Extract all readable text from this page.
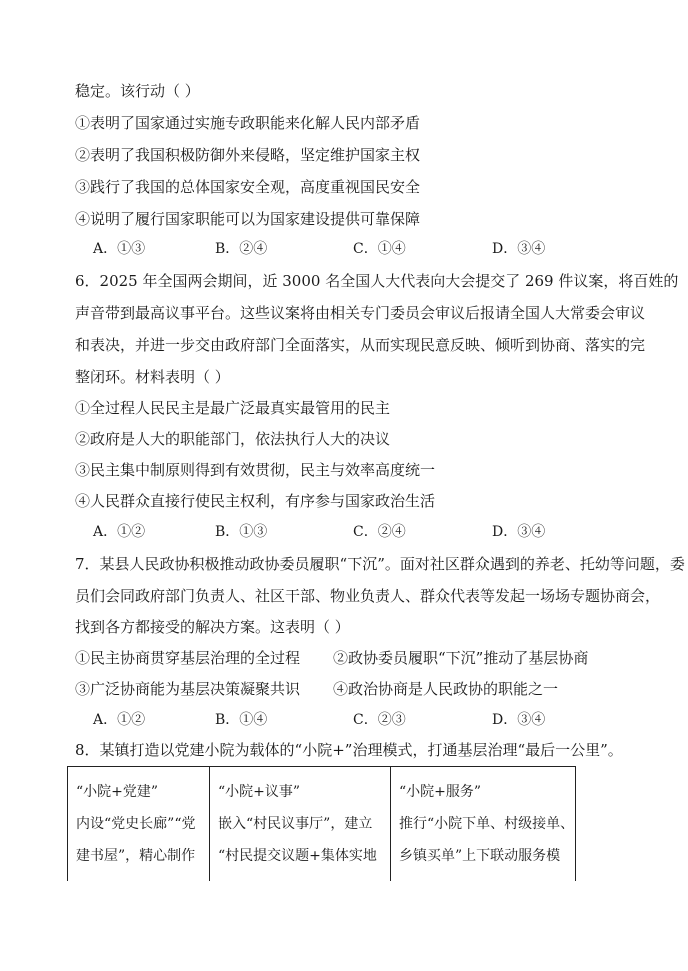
稳定。该行动（ ）
①表明了国家通过实施专政职能来化解人民内部矛盾
②表明了我国积极防御外来侵略，坚定维护国家主权
③践行了我国的总体国家安全观，高度重视国民安全
④说明了履行国家职能可以为国家建设提供可靠保障
A．①③	B．②④	C．①④	D．③④
6．2025 年全国两会期间，近 3000 名全国人大代表向大会提交了 269 件议案，将百姓的
声音带到最高议事平台。这些议案将由相关专门委员会审议后报请全国人大常委会审议
和表决，并进一步交由政府部门全面落实，从而实现民意反映、倾听到协商、落实的完
整闭环。材料表明（ ）
①全过程人民民主是最广泛最真实最管用的民主
②政府是人大的职能部门，依法执行人大的决议
③民主集中制原则得到有效贯彻，民主与效率高度统一
④人民群众直接行使民主权利，有序参与国家政治生活
A．①②	B．①③	C．②④	D．③④
7．某县人民政协积极推动政协委员履职“下沉”。面对社区群众遇到的养老、托幼等问题，委
员们会同政府部门负责人、社区干部、物业负责人、群众代表等发起一场场专题协商会，
找到各方都接受的解决方案。这表明（ ）
①民主协商贯穿基层治理的全过程 ②政协委员履职“下沉”推动了基层协商
③广泛协商能为基层决策凝聚共识 ④政治协商是人民政协的职能之一
A．①②	B．①④	C．②③	D．③④
8．某镇打造以党建小院为载体的“小院+”治理模式，打通基层治理“最后一公里”。
“小院+党建”
内设“党史长廊”“党
建书屋”，精心制作

“小院+议事”
嵌入“村民议事厅”，建立
“村民提交议题+集体实地

“小院+服务”
推行“小院下单、村级接单、
乡镇买单”上下联动服务模
